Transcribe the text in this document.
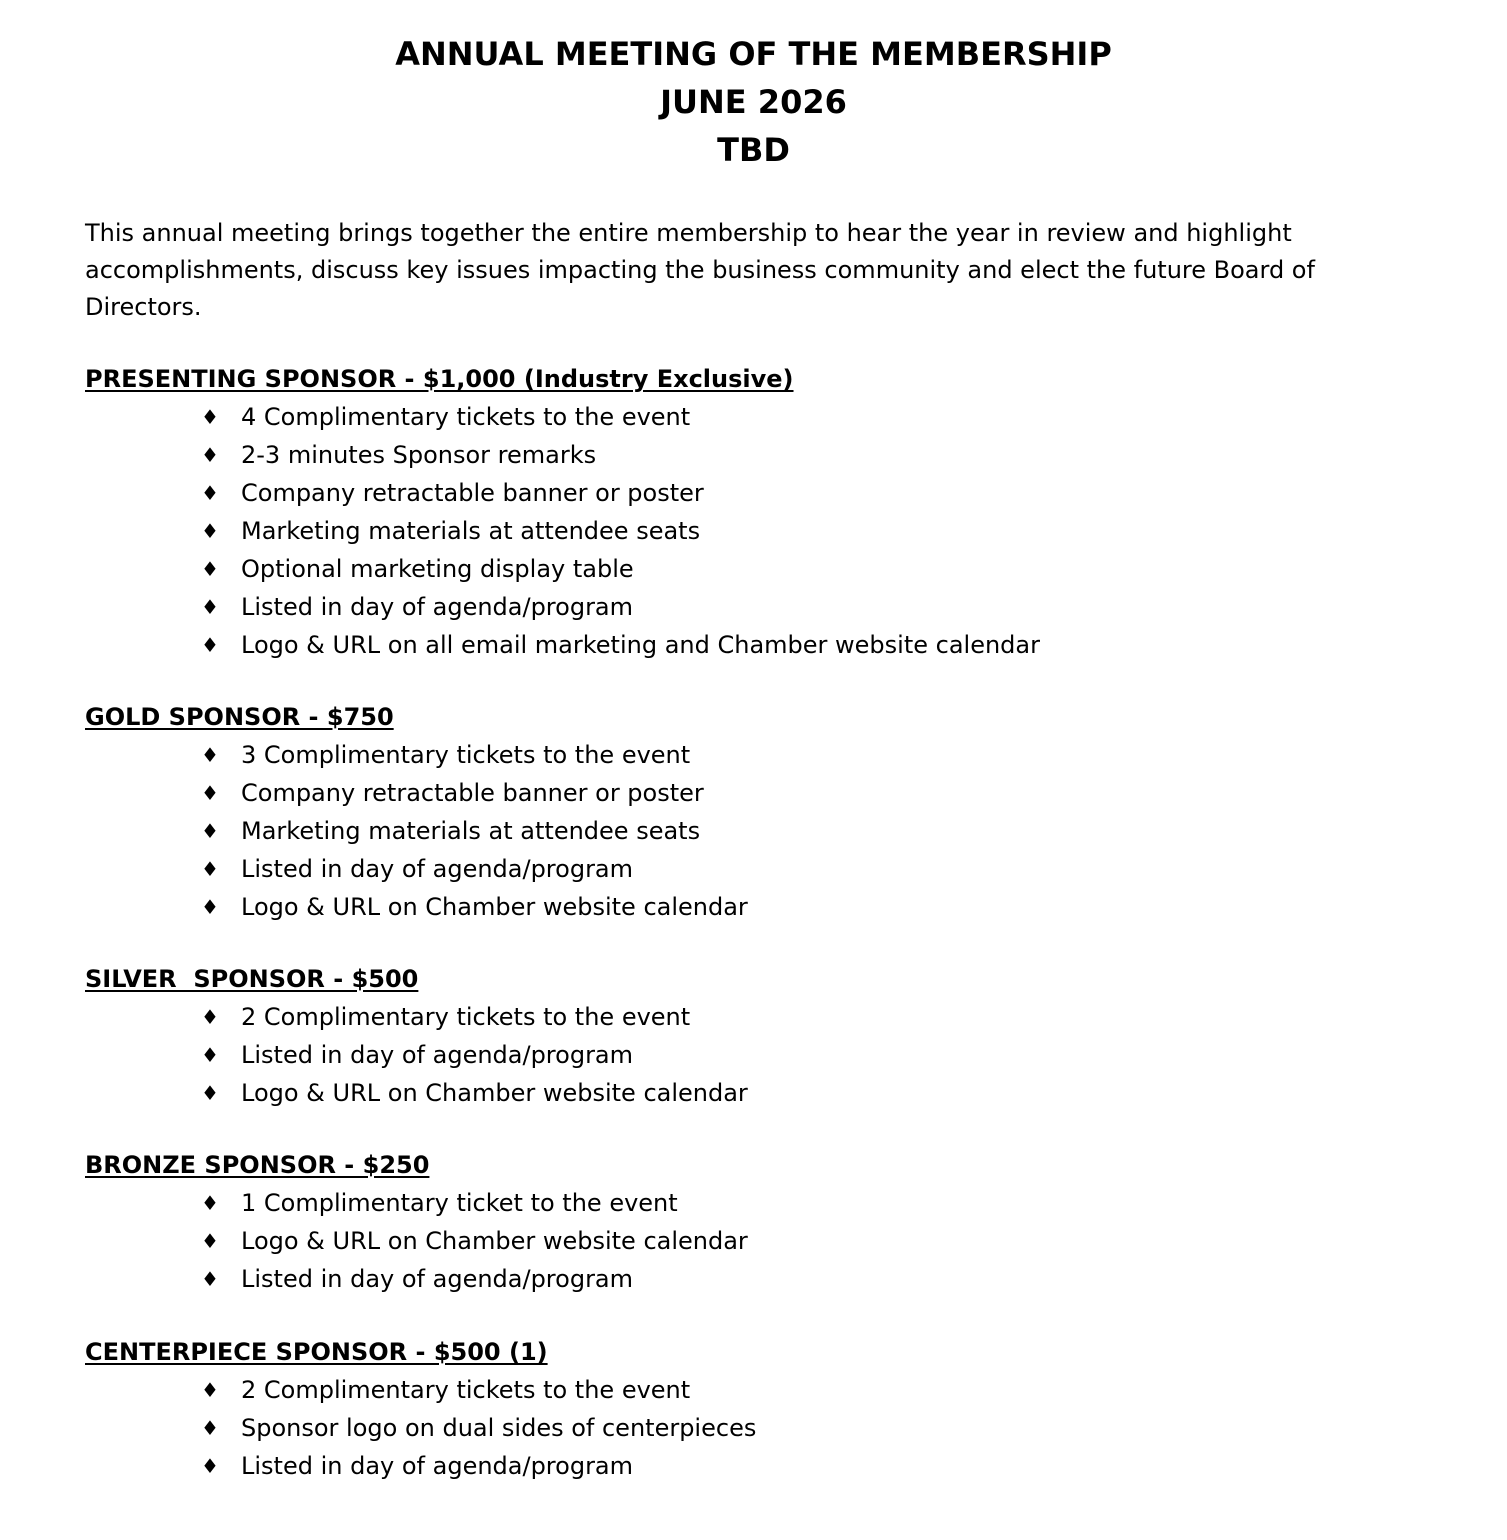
ANNUAL MEETING OF THE MEMBERSHIP
JUNE 2026
TBD

This annual meeting brings together the entire membership to hear the year in review and highlight accomplishments, discuss key issues impacting the business community and elect the future Board of Directors.

PRESENTING SPONSOR - $1,000 (Industry Exclusive)
♦ 4 Complimentary tickets to the event
♦ 2-3 minutes Sponsor remarks
♦ Company retractable banner or poster
♦ Marketing materials at attendee seats
♦ Optional marketing display table
♦ Listed in day of agenda/program
♦ Logo & URL on all email marketing and Chamber website calendar
GOLD SPONSOR - $750
♦ 3 Complimentary tickets to the event
♦ Company retractable banner or poster
♦ Marketing materials at attendee seats
♦ Listed in day of agenda/program
♦ Logo & URL on Chamber website calendar
SILVER  SPONSOR - $500
♦ 2 Complimentary tickets to the event
♦ Listed in day of agenda/program
♦ Logo & URL on Chamber website calendar
BRONZE SPONSOR - $250
♦ 1 Complimentary ticket to the event
♦ Logo & URL on Chamber website calendar
♦ Listed in day of agenda/program
CENTERPIECE SPONSOR - $500 (1)
♦ 2 Complimentary tickets to the event
♦ Sponsor logo on dual sides of centerpieces
♦ Listed in day of agenda/program
